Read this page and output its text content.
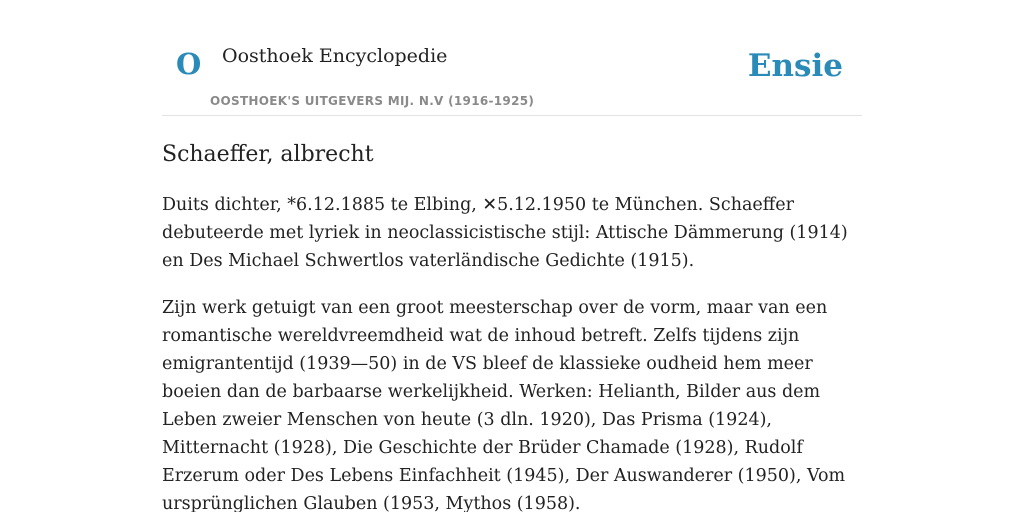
O Oosthoek Encyclopedie
OOSTHOEK'S UITGEVERS MIJ. N.V (1916-1925)
Ensie
Schaeffer, albrecht

Duits dichter, *6.12.1885 te Elbing, ✕5.12.1950 te München. Schaeffer debuteerde met lyriek in neoclassicistische stijl: Attische Dämmerung (1914) en Des Michael Schwertlos vaterländische Gedichte (1915).

Zijn werk getuigt van een groot meesterschap over de vorm, maar van een romantische wereldvreemdheid wat de inhoud betreft. Zelfs tijdens zijn emigrantentijd (1939—50) in de VS bleef de klassieke oudheid hem meer boeien dan de barbaarse werkelijkheid. Werken: Helianth, Bilder aus dem Leben zweier Menschen von heute (3 dln. 1920), Das Prisma (1924), Mitternacht (1928), Die Geschichte der Brüder Chamade (1928), Rudolf Erzerum oder Des Lebens Einfachheit (1945), Der Auswanderer (1950), Vom ursprünglichen Glauben (1953, Mythos (1958).
